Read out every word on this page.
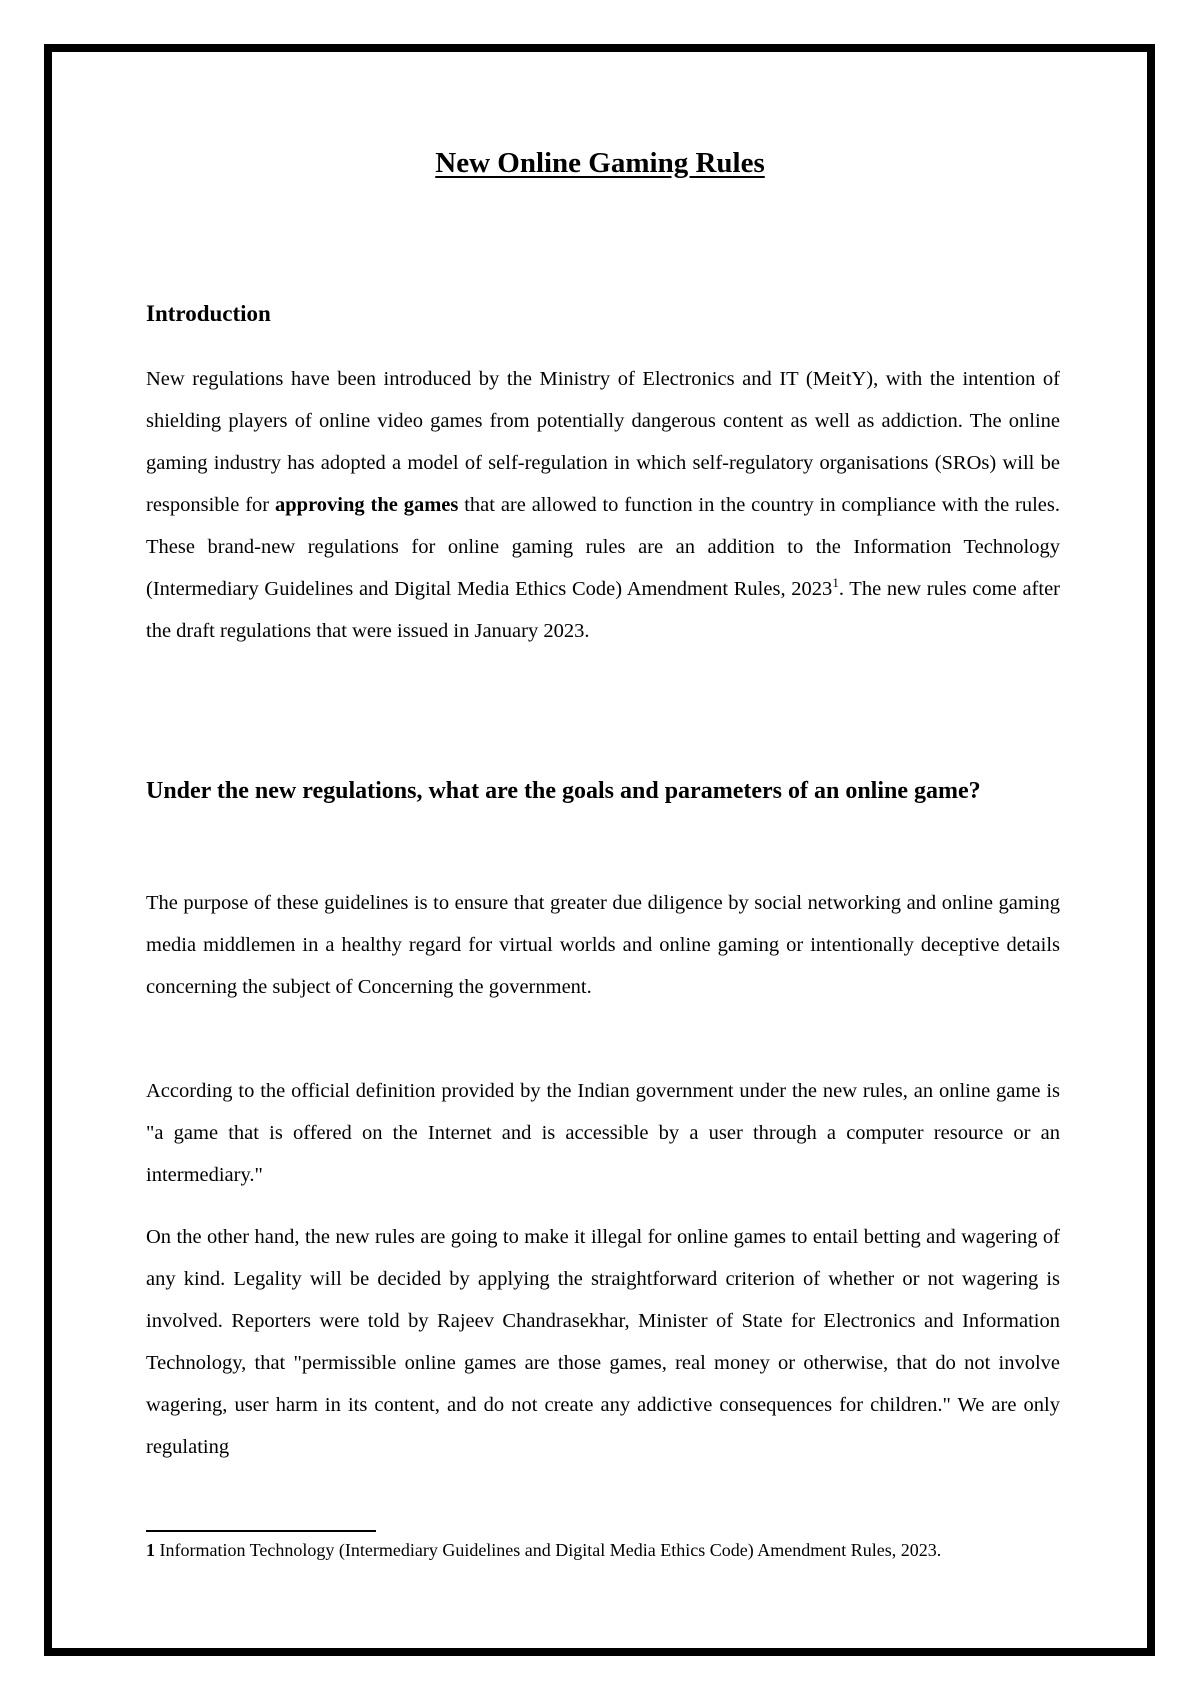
New Online Gaming Rules
Introduction

New regulations have been introduced by the Ministry of Electronics and IT (MeitY), with the intention of shielding players of online video games from potentially dangerous content as well as addiction. The online gaming industry has adopted a model of self-regulation in which self-regulatory organisations (SROs) will be responsible for approving the games that are allowed to function in the country in compliance with the rules. These brand-new regulations for online gaming rules are an addition to the Information Technology (Intermediary Guidelines and Digital Media Ethics Code) Amendment Rules, 2023$^1$. The new rules come after the draft regulations that were issued in January 2023.

Under the new regulations, what are the goals and parameters of an online game?

The purpose of these guidelines is to ensure that greater due diligence by social networking and online gaming media middlemen in a healthy regard for virtual worlds and online gaming or intentionally deceptive details concerning the subject of Concerning the government.

According to the official definition provided by the Indian government under the new rules, an online game is "a game that is offered on the Internet and is accessible by a user through a computer resource or an intermediary."

On the other hand, the new rules are going to make it illegal for online games to entail betting and wagering of any kind. Legality will be decided by applying the straightforward criterion of whether or not wagering is involved. Reporters were told by Rajeev Chandrasekhar, Minister of State for Electronics and Information Technology, that "permissible online games are those games, real money or otherwise, that do not involve wagering, user harm in its content, and do not create any addictive consequences for children." We are only regulating

1 Information Technology (Intermediary Guidelines and Digital Media Ethics Code) Amendment Rules, 2023.
